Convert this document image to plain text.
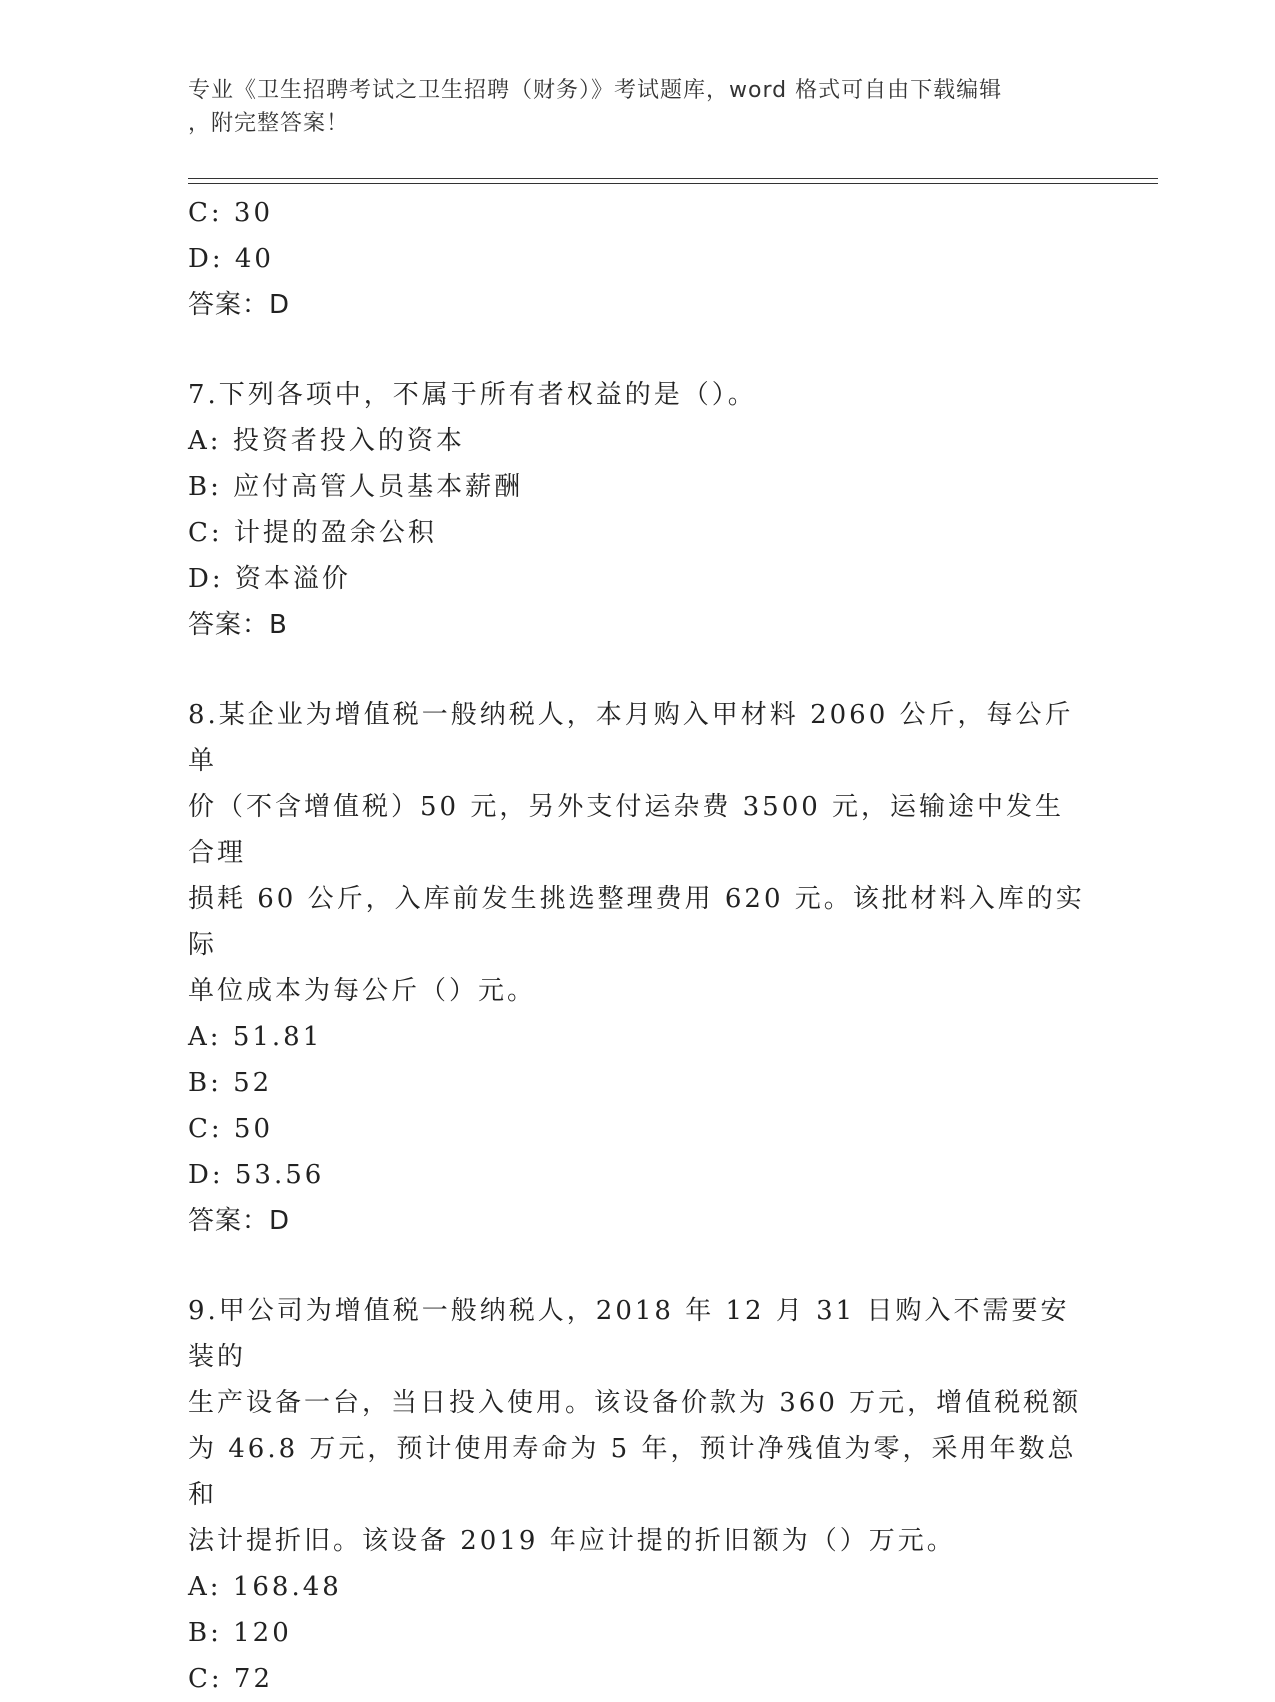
专业《卫生招聘考试之卫生招聘（财务）》考试题库，word 格式可自由下载编辑
，附完整答案！

C: 30

D: 40

答案：D

7.下列各项中，不属于所有者权益的是（）。

A: 投资者投入的资本

B: 应付高管人员基本薪酬

C: 计提的盈余公积

D: 资本溢价

答案：B

8.某企业为增值税一般纳税人，本月购入甲材料 2060 公斤，每公斤单

价（不含增值税）50 元，另外支付运杂费 3500 元，运输途中发生合理

损耗 60 公斤，入库前发生挑选整理费用 620 元。该批材料入库的实际

单位成本为每公斤（）元。

A: 51.81

B: 52

C: 50

D: 53.56

答案：D

9.甲公司为增值税一般纳税人，2018 年 12 月 31 日购入不需要安装的

生产设备一台，当日投入使用。该设备价款为 360 万元，增值税税额

为 46.8 万元，预计使用寿命为 5 年，预计净残值为零，采用年数总和

法计提折旧。该设备 2019 年应计提的折旧额为（）万元。

A: 168.48

B: 120

C: 72
